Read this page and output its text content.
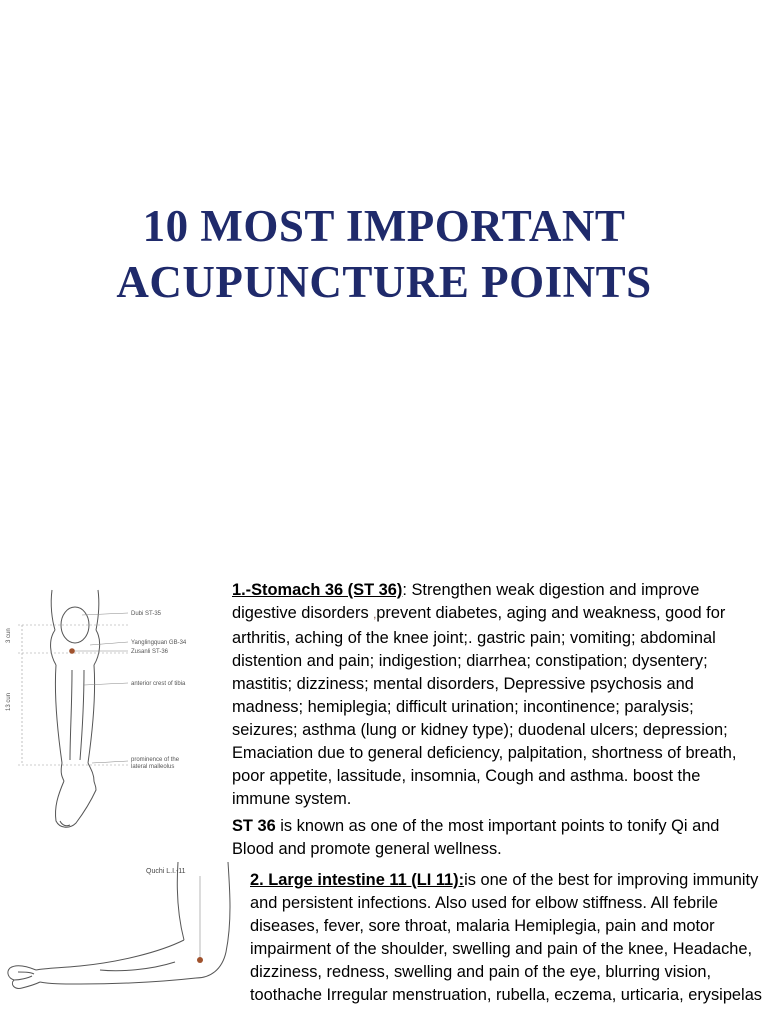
10 MOST IMPORTANT
ACUPUNCTURE POINTS
Dubi ST-35
Yanglingquan GB-34
Zusanli ST-36
anterior crest of tibia
prominence of the
lateral malleolus
3 cun
13 cun
Quchi L.I.-11

1.-Stomach 36 (ST 36): Strengthen weak digestion and improve digestive disorders ,prevent diabetes, aging and weakness, good for arthritis, aching of the knee joint;. gastric pain; vomiting; abdominal distention and pain; indigestion; diarrhea; constipation; dysentery; mastitis; dizziness; mental disorders, Depressive psychosis and madness; hemiplegia; difficult urination; incontinence; paralysis; seizures; asthma (lung or kidney type); duodenal ulcers; depression; Emaciation due to general deficiency, palpitation, shortness of breath, poor appetite, lassitude, insomnia, Cough and asthma. boost the immune system.

ST 36 is known as one of the most important points to tonify Qi and Blood and promote general wellness.

2. Large intestine 11 (LI 11):is one of the best for improving immunity and persistent infections. Also used for elbow stiffness. All febrile diseases, fever, sore throat, malaria Hemiplegia, pain and motor impairment of the shoulder, swelling and pain of the knee, Headache, dizziness, redness, swelling and pain of the eye, blurring vision, toothache Irregular menstruation, rubella, eczema, urticaria, erysipelas
